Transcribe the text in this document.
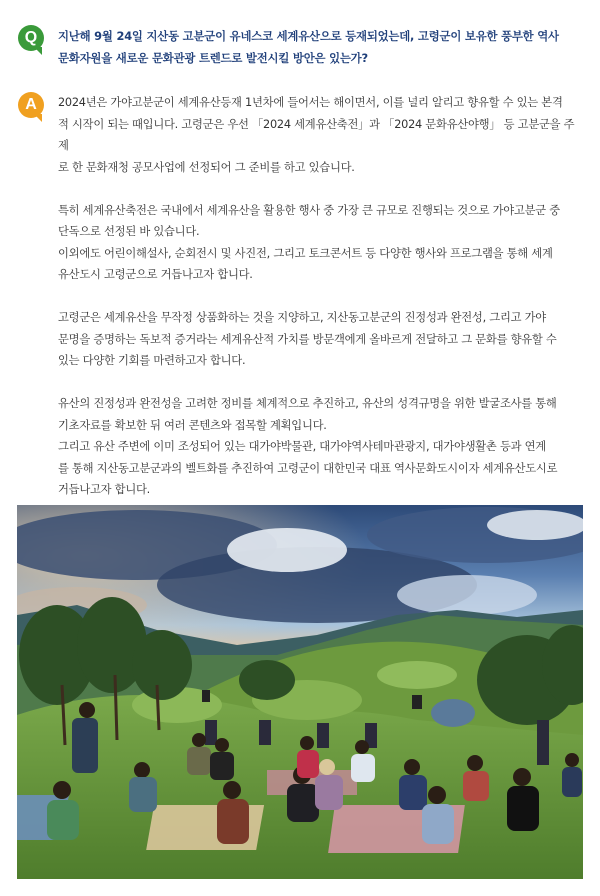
Q	지난해 9월 24일 지산동 고분군이 유네스코 세계유산으로 등재되었는데, 고령군이 보유한 풍부한 역사
문화자원을 새로운 문화관광 트렌드로 발전시킬 방안은 있는가?
A	2024년은 가야고분군이 세계유산등재 1년차에 들어서는 해이면서, 이를 널리 알리고 향유할 수 있는 본격
적 시작이 되는 때입니다. 고령군은 우선 「2024 세계유산축전」과 「2024 문화유산야행」 등 고분군을 주제
로 한 문화재청 공모사업에 선정되어 그 준비를 하고 있습니다.

특히 세계유산축전은 국내에서 세계유산을 활용한 행사 중 가장 큰 규모로 진행되는 것으로 가야고분군 중
단독으로 선정된 바 있습니다.
이외에도 어린이해설사, 순회전시 및 사진전, 그리고 토크콘서트 등 다양한 행사와 프로그램을 통해 세계
유산도시 고령군으로 거듭나고자 합니다.

고령군은 세계유산을 무작정 상품화하는 것을 지양하고, 지산동고분군의 진정성과 완전성, 그리고 가야
문명을 증명하는 독보적 증거라는 세계유산적 가치를 방문객에게 올바르게 전달하고 그 문화를 향유할 수
있는 다양한 기회를 마련하고자 합니다.

유산의 진정성과 완전성을 고려한 정비를 체계적으로 추진하고, 유산의 성격규명을 위한 발굴조사를 통해
기초자료를 확보한 뒤 여러 콘텐츠와 접목할 계획입니다.
그리고 유산 주변에 이미 조성되어 있는 대가야박물관, 대가야역사테마관광지, 대가야생활촌 등과 연계
를 통해 지산동고분군과의 벨트화를 추진하여 고령군이 대한민국 대표 역사문화도시이자 세계유산도시로
거듭나고자 합니다.
